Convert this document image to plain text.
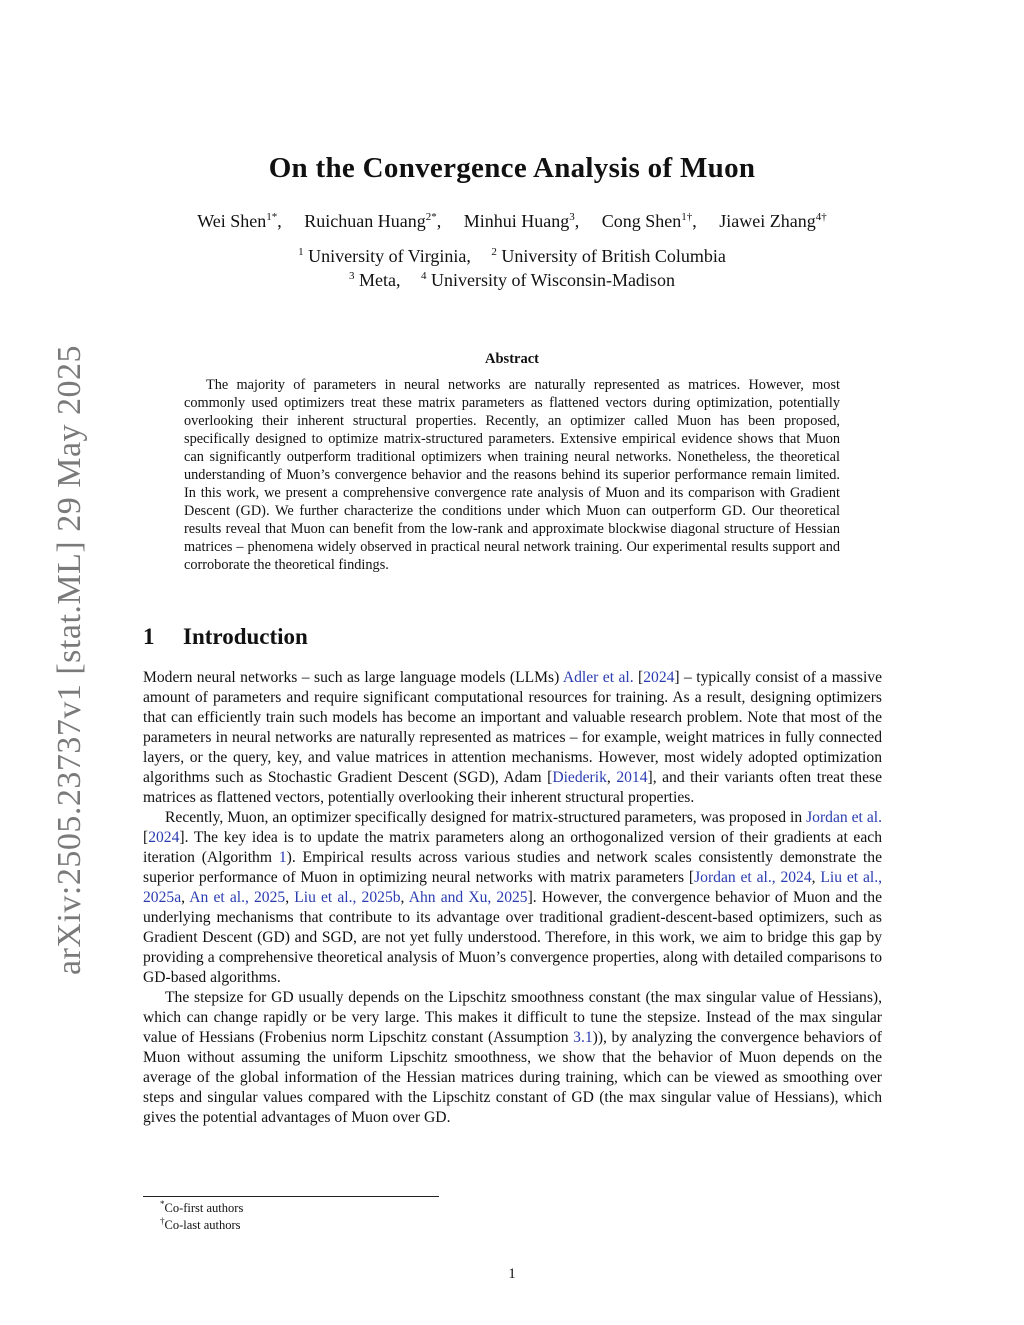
arXiv:2505.23737v1 [stat.ML] 29 May 2025
On the Convergence Analysis of Muon
Wei Shen$^{1*}$, Ruichuan Huang$^{2*}$, Minhui Huang$^3$, Cong Shen$^{1\dagger}$, Jiawei Zhang$^{4\dagger}$
$^1$ University of Virginia, $^2$ University of British Columbia
$^3$ Meta, $^4$ University of Wisconsin-Madison
Abstract

The majority of parameters in neural networks are naturally represented as matrices. However, most commonly used optimizers treat these matrix parameters as flattened vectors during optimization, potentially overlooking their inherent structural properties. Recently, an optimizer called Muon has been proposed, specifically designed to optimize matrix-structured parameters. Extensive empirical evidence shows that Muon can significantly outperform traditional optimizers when training neural networks. Nonetheless, the theoretical understanding of Muon’s convergence behavior and the reasons behind its superior performance remain limited. In this work, we present a comprehensive convergence rate analysis of Muon and its comparison with Gradient Descent (GD). We further characterize the conditions under which Muon can outperform GD. Our theoretical results reveal that Muon can benefit from the low-rank and approximate blockwise diagonal structure of Hessian matrices – phenomena widely observed in practical neural network training. Our experimental results support and corroborate the theoretical findings.

1 Introduction

Modern neural networks – such as large language models (LLMs) Adler et al. [2024] – typically consist of a massive amount of parameters and require significant computational resources for training. As a result, designing optimizers that can efficiently train such models has become an important and valuable research problem. Note that most of the parameters in neural networks are naturally represented as matrices – for example, weight matrices in fully connected layers, or the query, key, and value matrices in attention mechanisms. However, most widely adopted optimization algorithms such as Stochastic Gradient Descent (SGD), Adam [Diederik, 2014], and their variants often treat these matrices as flattened vectors, potentially overlooking their inherent structural properties.

Recently, Muon, an optimizer specifically designed for matrix-structured parameters, was proposed in Jordan et al. [2024]. The key idea is to update the matrix parameters along an orthogonalized version of their gradients at each iteration (Algorithm 1). Empirical results across various studies and network scales consistently demonstrate the superior performance of Muon in optimizing neural networks with matrix parameters [Jordan et al., 2024, Liu et al., 2025a, An et al., 2025, Liu et al., 2025b, Ahn and Xu, 2025]. However, the convergence behavior of Muon and the underlying mechanisms that contribute to its advantage over traditional gradient-descent-based optimizers, such as Gradient Descent (GD) and SGD, are not yet fully understood. Therefore, in this work, we aim to bridge this gap by providing a comprehensive theoretical analysis of Muon’s convergence properties, along with detailed comparisons to GD-based algorithms.

The stepsize for GD usually depends on the Lipschitz smoothness constant (the max singular value of Hessians), which can change rapidly or be very large. This makes it difficult to tune the stepsize. Instead of the max singular value of Hessians (Frobenius norm Lipschitz constant (Assumption 3.1)), by analyzing the convergence behaviors of Muon without assuming the uniform Lipschitz smoothness, we show that the behavior of Muon depends on the average of the global information of the Hessian matrices during training, which can be viewed as smoothing over steps and singular values compared with the Lipschitz constant of GD (the max singular value of Hessians), which gives the potential advantages of Muon over GD.

*Co-first authors
†Co-last authors
1
